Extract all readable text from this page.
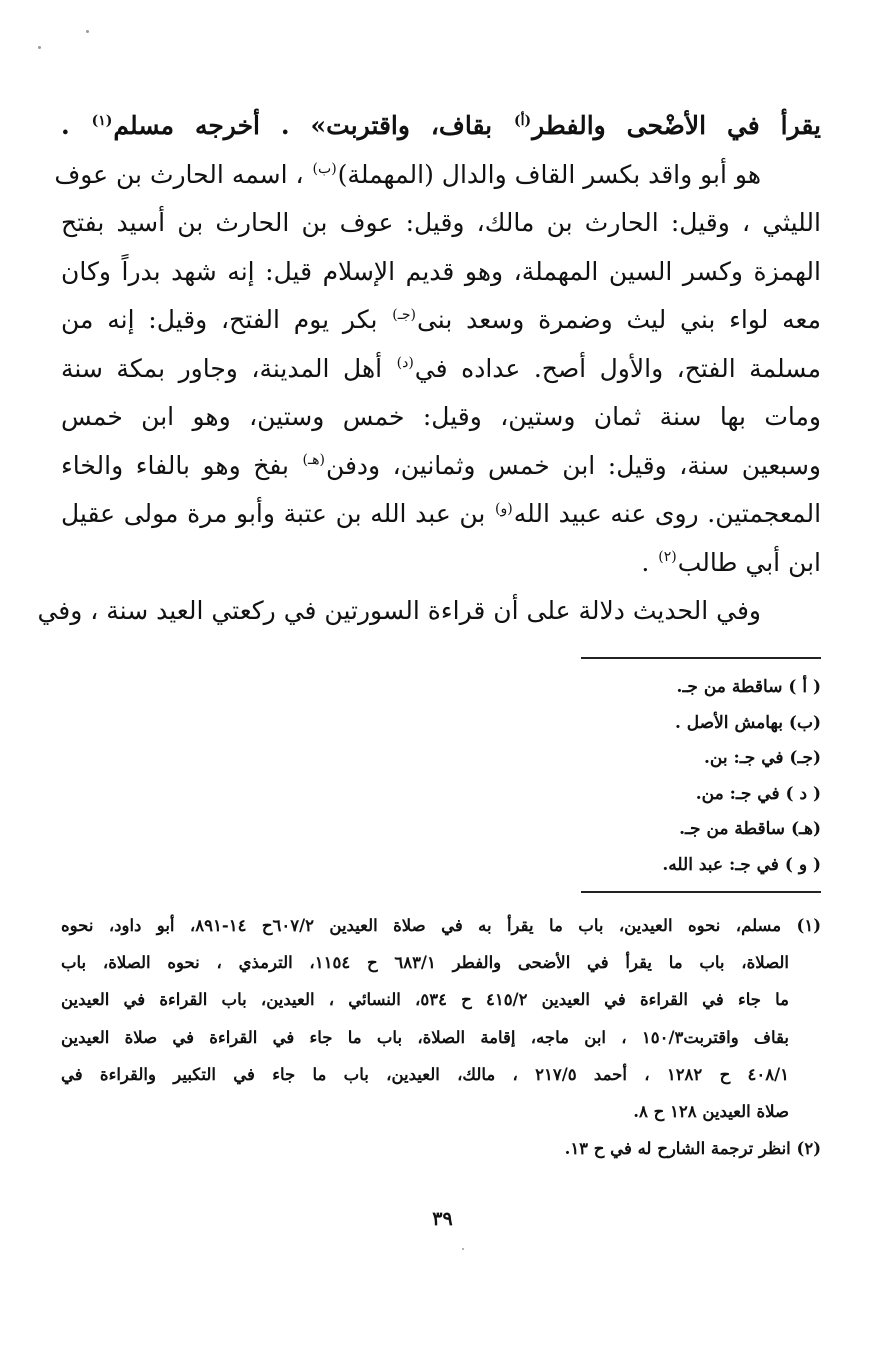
يقرأ في الأضْحى والفطر$^{(أ)}$ بقاف، واقتربت» . أخرجه مسلم$^{(١)}$ .
هو أبو واقد بكسر القاف والدال (المهملة)$^{(ب)}$ ، اسمه الحارث بن عوف
الليثي ، وقيل: الحارث بن مالك، وقيل: عوف بن الحارث بن أسيد بفتح
الهمزة وكسر السين المهملة، وهو قديم الإسلام قيل: إنه شهد بدراً وكان
معه لواء بني ليث وضمرة وسعد بنى$^{(جـ)}$ بكر يوم الفتح، وقيل: إنه من
مسلمة الفتح، والأول أصح. عداده في$^{(د)}$ أهل المدينة، وجاور بمكة سنة
ومات بها سنة ثمان وستين، وقيل: خمس وستين، وهو ابن خمس
وسبعين سنة، وقيل: ابن خمس وثمانين، ودفن$^{(هـ)}$ بفخ وهو بالفاء والخاء
المعجمتين. روى عنه عبيد الله$^{(و)}$ بن عبد الله بن عتبة وأبو مرة مولى عقيل
ابن أبي طالب$^{(٢)}$ .
وفي الحديث دلالة على أن قراءة السورتين في ركعتي العيد سنة ، وفي
( أ ) ساقطة من جـ.
(ب) بهامش الأصل .
(جـ) في جـ: بن.
( د ) في جـ: من.
(هـ) ساقطة من جـ.
( و ) في جـ: عبد الله.
(١) مسلم، نحوه العيدين، باب ما يقرأ به في صلاة العيدين ٦٠٧/٢ح ١٤-٨٩١، أبو داود، نحوه
الصلاة، باب ما يقرأ في الأضحى والفطر ٦٨٣/١ ح ١١٥٤، الترمذي ، نحوه الصلاة، باب
ما جاء في القراءة في العيدين ٤١٥/٢ ح ٥٣٤، النسائي ، العيدين، باب القراءة في العيدين
بقاف واقتربت١٥٠/٣ ، ابن ماجه، إقامة الصلاة، باب ما جاء في القراءة في صلاة العيدين
٤٠٨/١ ح ١٢٨٢ ، أحمد ٢١٧/٥ ، مالك، العيدين، باب ما جاء في التكبير والقراءة في
صلاة العيدين ١٢٨ ح ٨.
(٢) انظر ترجمة الشارح له في ح ١٣.
٣٩
